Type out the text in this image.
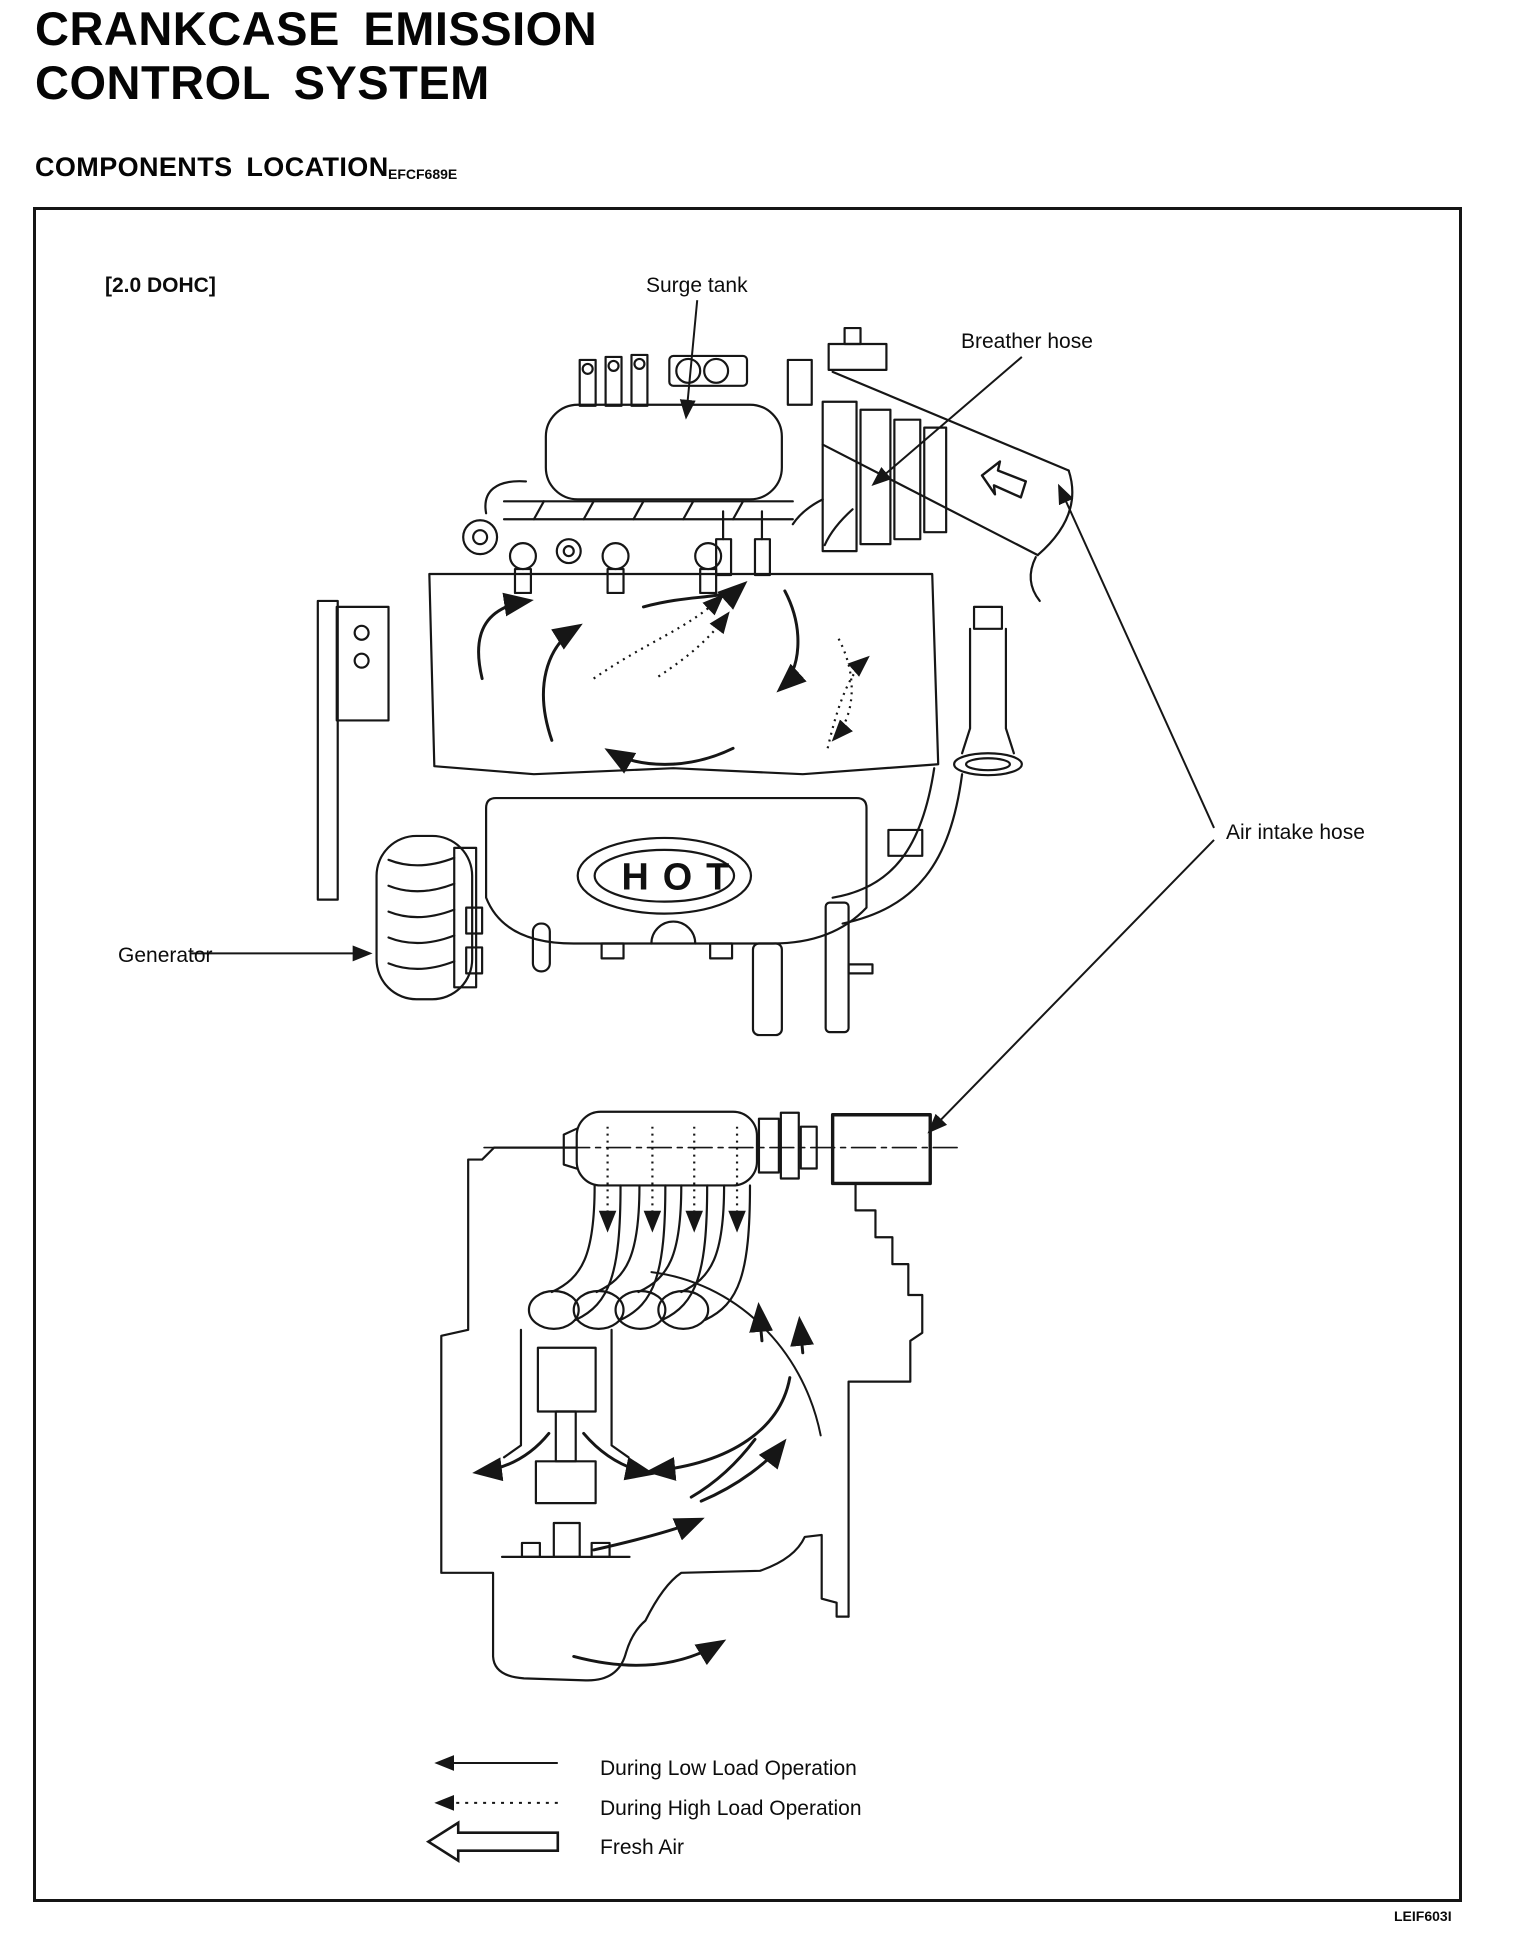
CRANKCASE EMISSION
CONTROL SYSTEM
COMPONENTS LOCATION EFCF689E
HOT
[2.0 DOHC]	Surge tank
Breather hose
Air intake hose
Generator
During Low Load Operation
During High Load Operation
Fresh Air
LEIF603I
